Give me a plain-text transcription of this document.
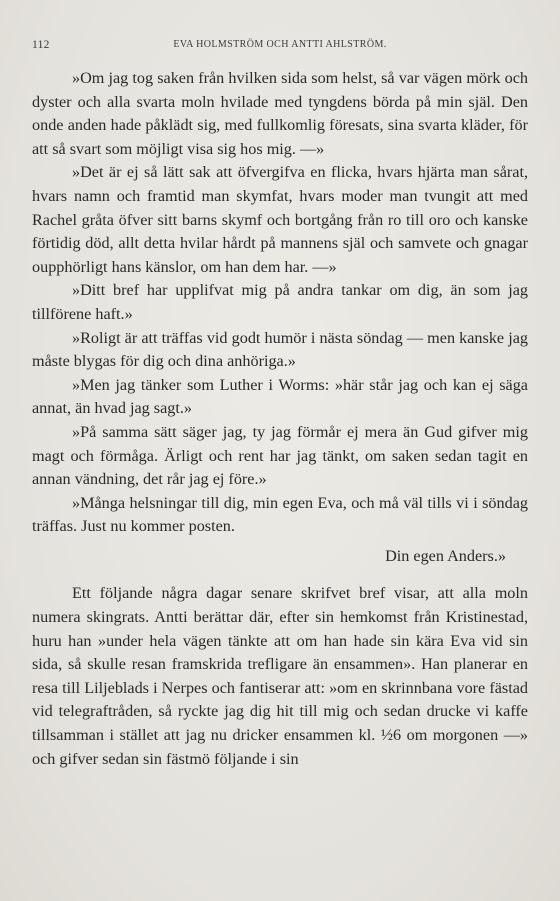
112	EVA HOLMSTRÖM OCH ANTTI AHLSTRÖM.

»Om jag tog saken från hvilken sida som helst, så var vägen mörk och dyster och alla svarta moln hvilade med tyngdens börda på min själ. Den onde anden hade påklädt sig, med fullkomlig föresats, sina svarta kläder, för att så svart som möjligt visa sig hos mig. —»

»Det är ej så lätt sak att öfvergifva en flicka, hvars hjärta man sårat, hvars namn och framtid man skymfat, hvars moder man tvungit att med Rachel gråta öfver sitt barns skymf och bortgång från ro till oro och kanske förtidig död, allt detta hvilar hårdt på mannens själ och samvete och gnagar oupphörligt hans känslor, om han dem har. —»

»Ditt bref har upplifvat mig på andra tankar om dig, än som jag tillförene haft.»

»Roligt är att träffas vid godt humör i nästa söndag — men kanske jag måste blygas för dig och dina anhöriga.»

»Men jag tänker som Luther i Worms: »här står jag och kan ej säga annat, än hvad jag sagt.»

»På samma sätt säger jag, ty jag förmår ej mera än Gud gifver mig magt och förmåga. Ärligt och rent har jag tänkt, om saken sedan tagit en annan vändning, det rår jag ej före.»

»Många helsningar till dig, min egen Eva, och må väl tills vi i söndag träffas. Just nu kommer posten.

Din egen Anders.»

Ett följande några dagar senare skrifvet bref visar, att alla moln numera skingrats. Antti berättar där, efter sin hemkomst från Kristinestad, huru han »under hela vägen tänkte att om han hade sin kära Eva vid sin sida, så skulle resan framskrida trefligare än ensammen». Han planerar en resa till Liljeblads i Nerpes och fantiserar att: »om en skrinnbana vore fästad vid telegraftråden, så ryckte jag dig hit till mig och sedan drucke vi kaffe tillsamman i stället att jag nu dricker ensammen kl. ½6 om morgonen —» och gifver sedan sin fästmö följande i sin
